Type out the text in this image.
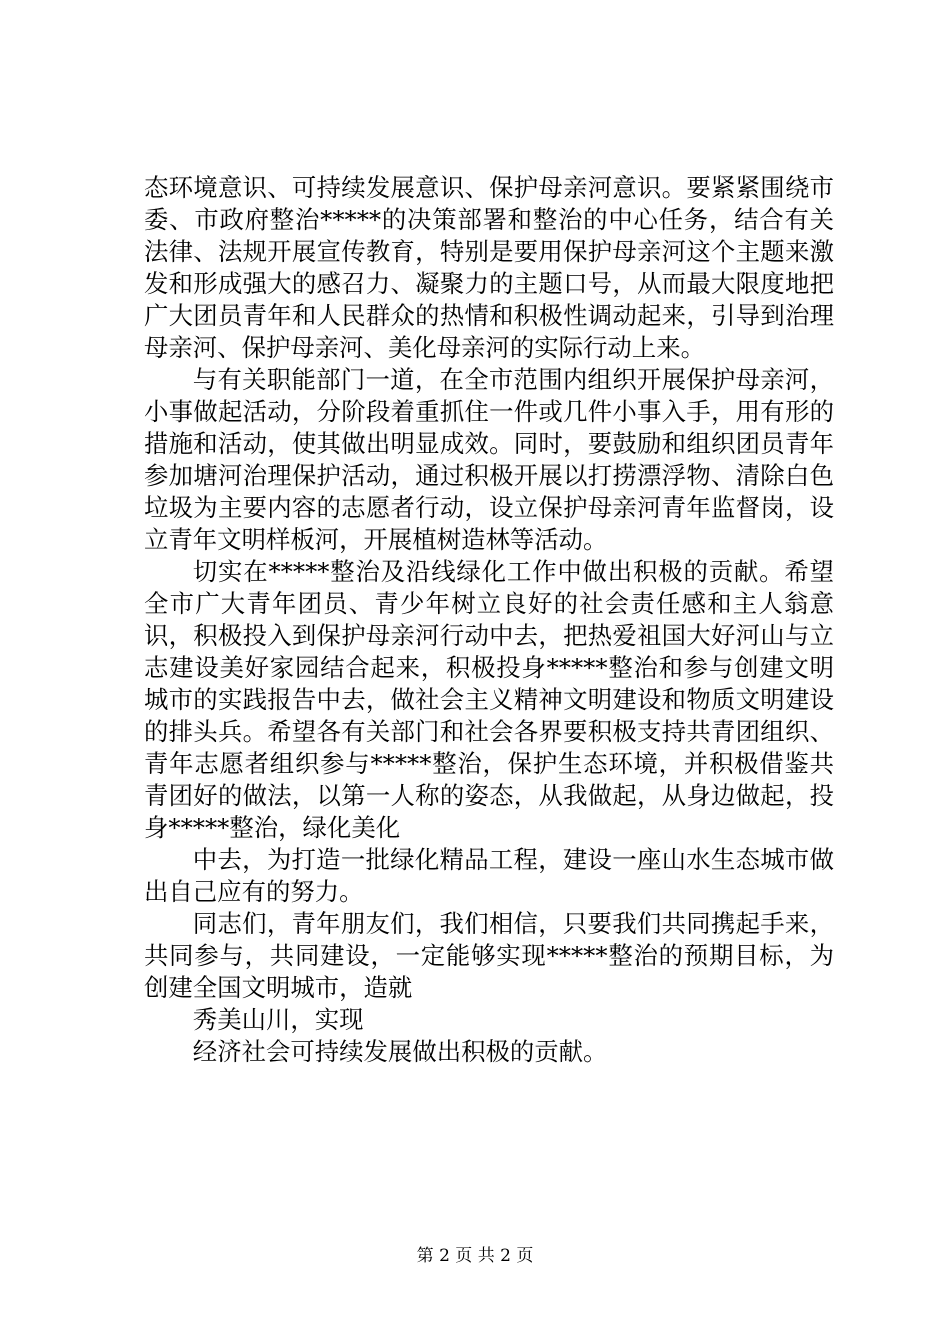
态环境意识、可持续发展意识、保护母亲河意识。要紧紧围绕市委、市政府整治*****的决策部署和整治的中心任务，结合有关法律、法规开展宣传教育，特别是要用保护母亲河这个主题来激发和形成强大的感召力、凝聚力的主题口号，从而最大限度地把广大团员青年和人民群众的热情和积极性调动起来，引导到治理母亲河、保护母亲河、美化母亲河的实际行动上来。

与有关职能部门一道，在全市范围内组织开展保护母亲河，小事做起活动，分阶段着重抓住一件或几件小事入手，用有形的措施和活动，使其做出明显成效。同时，要鼓励和组织团员青年参加塘河治理保护活动，通过积极开展以打捞漂浮物、清除白色垃圾为主要内容的志愿者行动，设立保护母亲河青年监督岗，设立青年文明样板河，开展植树造林等活动。

切实在*****整治及沿线绿化工作中做出积极的贡献。希望全市广大青年团员、青少年树立良好的社会责任感和主人翁意识，积极投入到保护母亲河行动中去，把热爱祖国大好河山与立志建设美好家园结合起来，积极投身*****整治和参与创建文明城市的实践报告中去，做社会主义精神文明建设和物质文明建设的排头兵。希望各有关部门和社会各界要积极支持共青团组织、青年志愿者组织参与*****整治，保护生态环境，并积极借鉴共青团好的做法，以第一人称的姿态，从我做起，从身边做起，投身*****整治，绿化美化

中去，为打造一批绿化精品工程，建设一座山水生态城市做出自己应有的努力。

同志们，青年朋友们，我们相信，只要我们共同携起手来，共同参与，共同建设，一定能够实现*****整治的预期目标，为创建全国文明城市，造就

秀美山川，实现

经济社会可持续发展做出积极的贡献。

第 2 页 共 2 页
